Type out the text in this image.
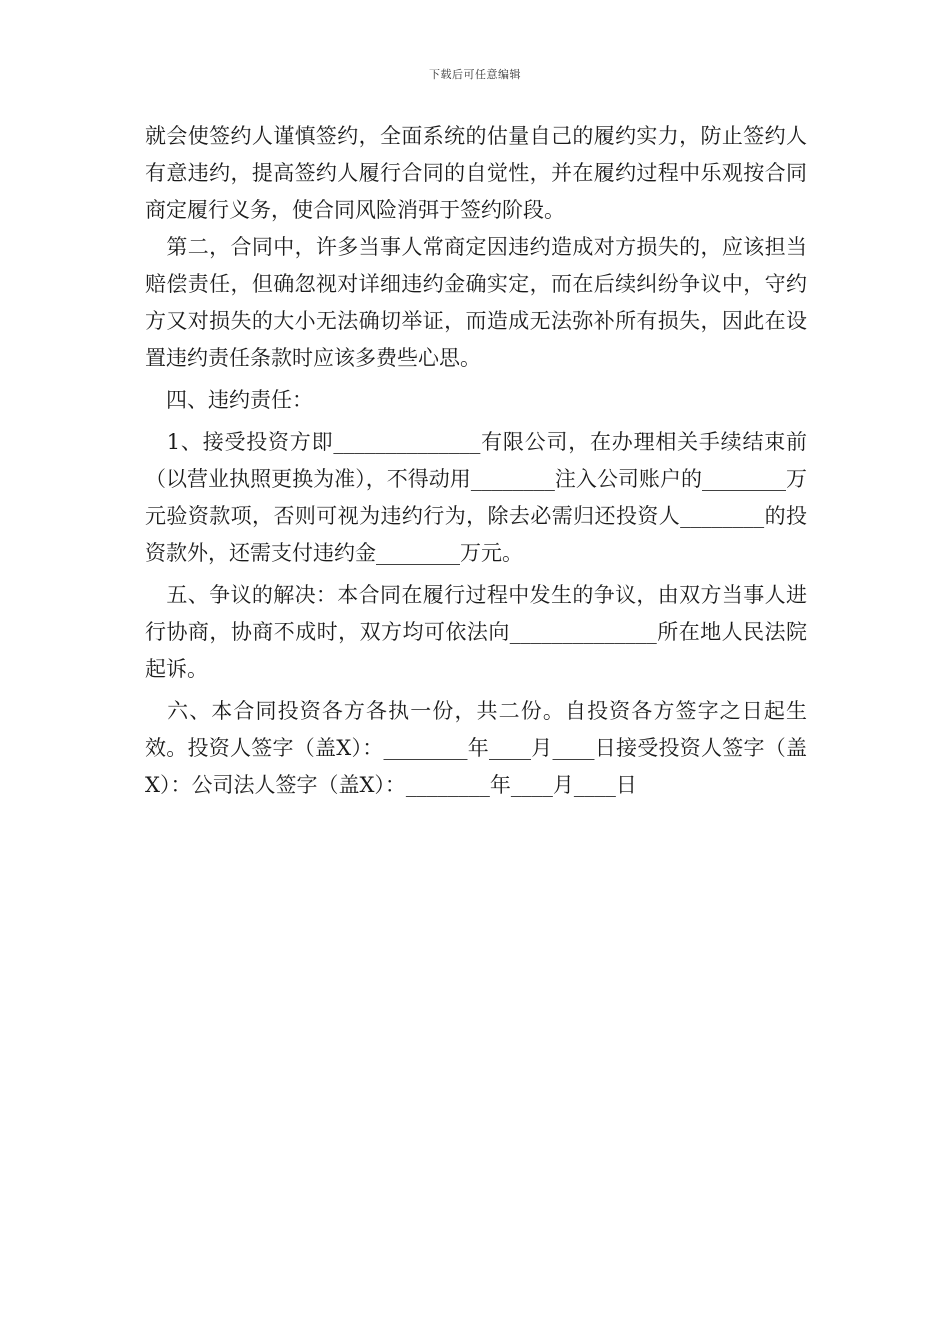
下载后可任意编辑

就会使签约人谨慎签约，全面系统的估量自己的履约实力，防止签约人有意违约，提高签约人履行合同的自觉性，并在履约过程中乐观按合同商定履行义务，使合同风险消弭于签约阶段。

　第二，合同中，许多当事人常商定因违约造成对方损失的，应该担当赔偿责任，但确忽视对详细违约金确实定，而在后续纠纷争议中，守约方又对损失的大小无法确切举证，而造成无法弥补所有损失，因此在设置违约责任条款时应该多费些心思。

　四、违约责任：

　1、接受投资方即______________有限公司，在办理相关手续结束前（以营业执照更换为准），不得动用________注入公司账户的________万元验资款项，否则可视为违约行为，除去必需归还投资人________的投资款外，还需支付违约金________万元。

　五、争议的解决：本合同在履行过程中发生的争议，由双方当事人进行协商，协商不成时，双方均可依法向______________所在地人民法院起诉。

　六、本合同投资各方各执一份，共二份。自投资各方签字之日起生效。投资人签字（盖X）：________年____月____日接受投资人签字（盖X）：公司法人签字（盖X）：________年____月____日
